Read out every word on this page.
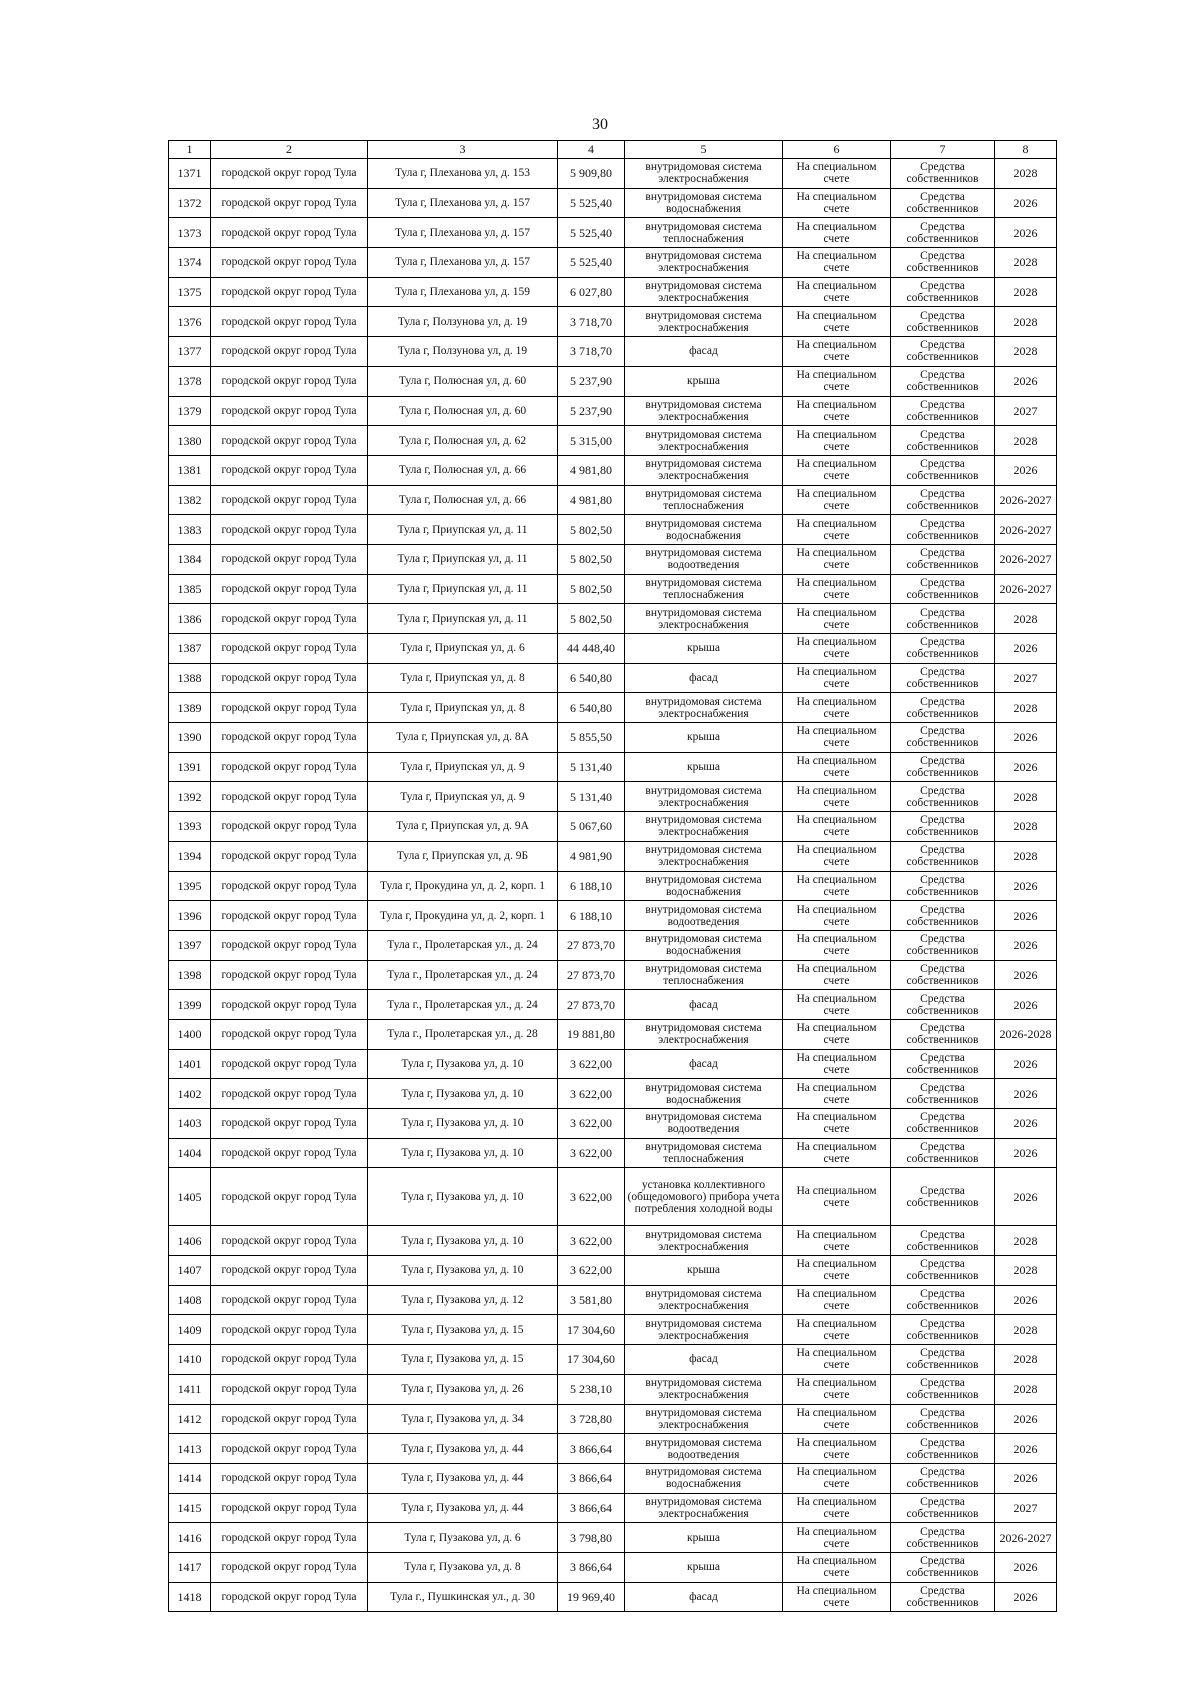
30
1	2	3	4	5	6	7	8
1371	городской округ город Тула	Тула г, Плеханова ул, д. 153	5 909,80	внутридомовая система электроснабжения	На специальном счете	Средства собственников	2028
1372	городской округ город Тула	Тула г, Плеханова ул, д. 157	5 525,40	внутридомовая система водоснабжения	На специальном счете	Средства собственников	2026
1373	городской округ город Тула	Тула г, Плеханова ул, д. 157	5 525,40	внутридомовая система теплоснабжения	На специальном счете	Средства собственников	2026
1374	городской округ город Тула	Тула г, Плеханова ул, д. 157	5 525,40	внутридомовая система электроснабжения	На специальном счете	Средства собственников	2028
1375	городской округ город Тула	Тула г, Плеханова ул, д. 159	6 027,80	внутридомовая система электроснабжения	На специальном счете	Средства собственников	2028
1376	городской округ город Тула	Тула г, Ползунова ул, д. 19	3 718,70	внутридомовая система электроснабжения	На специальном счете	Средства собственников	2028
1377	городской округ город Тула	Тула г, Ползунова ул, д. 19	3 718,70	фасад	На специальном счете	Средства собственников	2028
1378	городской округ город Тула	Тула г, Полюсная ул, д. 60	5 237,90	крыша	На специальном счете	Средства собственников	2026
1379	городской округ город Тула	Тула г, Полюсная ул, д. 60	5 237,90	внутридомовая система электроснабжения	На специальном счете	Средства собственников	2027
1380	городской округ город Тула	Тула г, Полюсная ул, д. 62	5 315,00	внутридомовая система электроснабжения	На специальном счете	Средства собственников	2028
1381	городской округ город Тула	Тула г, Полюсная ул, д. 66	4 981,80	внутридомовая система электроснабжения	На специальном счете	Средства собственников	2026
1382	городской округ город Тула	Тула г, Полюсная ул, д. 66	4 981,80	внутридомовая система теплоснабжения	На специальном счете	Средства собственников	2026-2027
1383	городской округ город Тула	Тула г, Приупская ул, д. 11	5 802,50	внутридомовая система водоснабжения	На специальном счете	Средства собственников	2026-2027
1384	городской округ город Тула	Тула г, Приупская ул, д. 11	5 802,50	внутридомовая система водоотведения	На специальном счете	Средства собственников	2026-2027
1385	городской округ город Тула	Тула г, Приупская ул, д. 11	5 802,50	внутридомовая система теплоснабжения	На специальном счете	Средства собственников	2026-2027
1386	городской округ город Тула	Тула г, Приупская ул, д. 11	5 802,50	внутридомовая система электроснабжения	На специальном счете	Средства собственников	2028
1387	городской округ город Тула	Тула г, Приупская ул, д. 6	44 448,40	крыша	На специальном счете	Средства собственников	2026
1388	городской округ город Тула	Тула г, Приупская ул, д. 8	6 540,80	фасад	На специальном счете	Средства собственников	2027
1389	городской округ город Тула	Тула г, Приупская ул, д. 8	6 540,80	внутридомовая система электроснабжения	На специальном счете	Средства собственников	2028
1390	городской округ город Тула	Тула г, Приупская ул, д. 8А	5 855,50	крыша	На специальном счете	Средства собственников	2026
1391	городской округ город Тула	Тула г, Приупская ул, д. 9	5 131,40	крыша	На специальном счете	Средства собственников	2026
1392	городской округ город Тула	Тула г, Приупская ул, д. 9	5 131,40	внутридомовая система электроснабжения	На специальном счете	Средства собственников	2028
1393	городской округ город Тула	Тула г, Приупская ул, д. 9А	5 067,60	внутридомовая система электроснабжения	На специальном счете	Средства собственников	2028
1394	городской округ город Тула	Тула г, Приупская ул, д. 9Б	4 981,90	внутридомовая система электроснабжения	На специальном счете	Средства собственников	2028
1395	городской округ город Тула	Тула г, Прокудина ул, д. 2, корп. 1	6 188,10	внутридомовая система водоснабжения	На специальном счете	Средства собственников	2026
1396	городской округ город Тула	Тула г, Прокудина ул, д. 2, корп. 1	6 188,10	внутридомовая система водоотведения	На специальном счете	Средства собственников	2026
1397	городской округ город Тула	Тула г., Пролетарская ул., д. 24	27 873,70	внутридомовая система водоснабжения	На специальном счете	Средства собственников	2026
1398	городской округ город Тула	Тула г., Пролетарская ул., д. 24	27 873,70	внутридомовая система теплоснабжения	На специальном счете	Средства собственников	2026
1399	городской округ город Тула	Тула г., Пролетарская ул., д. 24	27 873,70	фасад	На специальном счете	Средства собственников	2026
1400	городской округ город Тула	Тула г., Пролетарская ул., д. 28	19 881,80	внутридомовая система электроснабжения	На специальном счете	Средства собственников	2026-2028
1401	городской округ город Тула	Тула г, Пузакова ул, д. 10	3 622,00	фасад	На специальном счете	Средства собственников	2026
1402	городской округ город Тула	Тула г, Пузакова ул, д. 10	3 622,00	внутридомовая система водоснабжения	На специальном счете	Средства собственников	2026
1403	городской округ город Тула	Тула г, Пузакова ул, д. 10	3 622,00	внутридомовая система водоотведения	На специальном счете	Средства собственников	2026
1404	городской округ город Тула	Тула г, Пузакова ул, д. 10	3 622,00	внутридомовая система теплоснабжения	На специальном счете	Средства собственников	2026
1405	городской округ город Тула	Тула г, Пузакова ул, д. 10	3 622,00	установка коллективного (общедомового) прибора учета потребления холодной воды	На специальном счете	Средства собственников	2026
1406	городской округ город Тула	Тула г, Пузакова ул, д. 10	3 622,00	внутридомовая система электроснабжения	На специальном счете	Средства собственников	2028
1407	городской округ город Тула	Тула г, Пузакова ул, д. 10	3 622,00	крыша	На специальном счете	Средства собственников	2028
1408	городской округ город Тула	Тула г, Пузакова ул, д. 12	3 581,80	внутридомовая система электроснабжения	На специальном счете	Средства собственников	2026
1409	городской округ город Тула	Тула г, Пузакова ул, д. 15	17 304,60	внутридомовая система электроснабжения	На специальном счете	Средства собственников	2028
1410	городской округ город Тула	Тула г, Пузакова ул, д. 15	17 304,60	фасад	На специальном счете	Средства собственников	2028
1411	городской округ город Тула	Тула г, Пузакова ул, д. 26	5 238,10	внутридомовая система электроснабжения	На специальном счете	Средства собственников	2028
1412	городской округ город Тула	Тула г, Пузакова ул, д. 34	3 728,80	внутридомовая система электроснабжения	На специальном счете	Средства собственников	2026
1413	городской округ город Тула	Тула г, Пузакова ул, д. 44	3 866,64	внутридомовая система водоотведения	На специальном счете	Средства собственников	2026
1414	городской округ город Тула	Тула г, Пузакова ул, д. 44	3 866,64	внутридомовая система водоснабжения	На специальном счете	Средства собственников	2026
1415	городской округ город Тула	Тула г, Пузакова ул, д. 44	3 866,64	внутридомовая система электроснабжения	На специальном счете	Средства собственников	2027
1416	городской округ город Тула	Тула г, Пузакова ул, д. 6	3 798,80	крыша	На специальном счете	Средства собственников	2026-2027
1417	городской округ город Тула	Тула г, Пузакова ул, д. 8	3 866,64	крыша	На специальном счете	Средства собственников	2026
1418	городской округ город Тула	Тула г., Пушкинская ул., д. 30	19 969,40	фасад	На специальном счете	Средства собственников	2026
